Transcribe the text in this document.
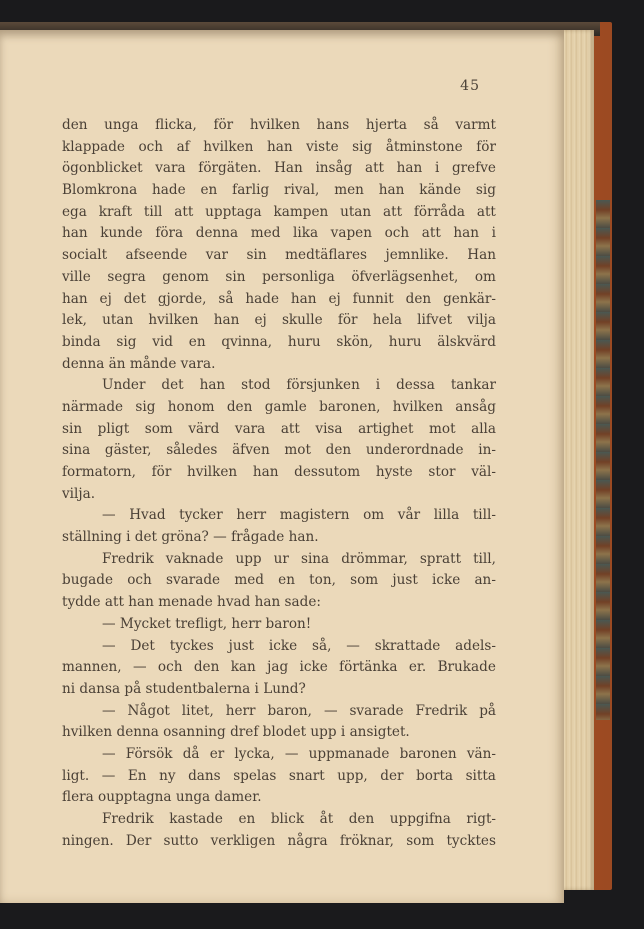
45
den unga flicka, för hvilken hans hjerta så varmt
klappade och af hvilken han viste sig åtminstone för
ögonblicket vara förgäten. Han insåg att han i grefve
Blomkrona hade en farlig rival, men han kände sig
ega kraft till att upptaga kampen utan att förråda att
han kunde föra denna med lika vapen och att han i
socialt afseende var sin medtäflares jemnlike. Han
ville segra genom sin personliga öfverlägsenhet, om
han ej det gjorde, så hade han ej funnit den genkär-
lek, utan hvilken han ej skulle för hela lifvet vilja
binda sig vid en qvinna, huru skön, huru älskvärd
denna än månde vara.
Under det han stod försjunken i dessa tankar
närmade sig honom den gamle baronen, hvilken ansåg
sin pligt som värd vara att visa artighet mot alla
sina gäster, således äfven mot den underordnade in-
formatorn, för hvilken han dessutom hyste stor väl-
vilja.
— Hvad tycker herr magistern om vår lilla till-
ställning i det gröna? — frågade han.
Fredrik vaknade upp ur sina drömmar, spratt till,
bugade och svarade med en ton, som just icke an-
tydde att han menade hvad han sade:
— Mycket trefligt, herr baron!
— Det tyckes just icke så, — skrattade adels-
mannen, — och den kan jag icke förtänka er. Brukade
ni dansa på studentbalerna i Lund?
— Något litet, herr baron, — svarade Fredrik på
hvilken denna osanning dref blodet upp i ansigtet.
— Försök då er lycka, — uppmanade baronen vän-
ligt. — En ny dans spelas snart upp, der borta sitta
flera oupptagna unga damer.
Fredrik kastade en blick åt den uppgifna rigt-
ningen. Der sutto verkligen några fröknar, som tycktes
